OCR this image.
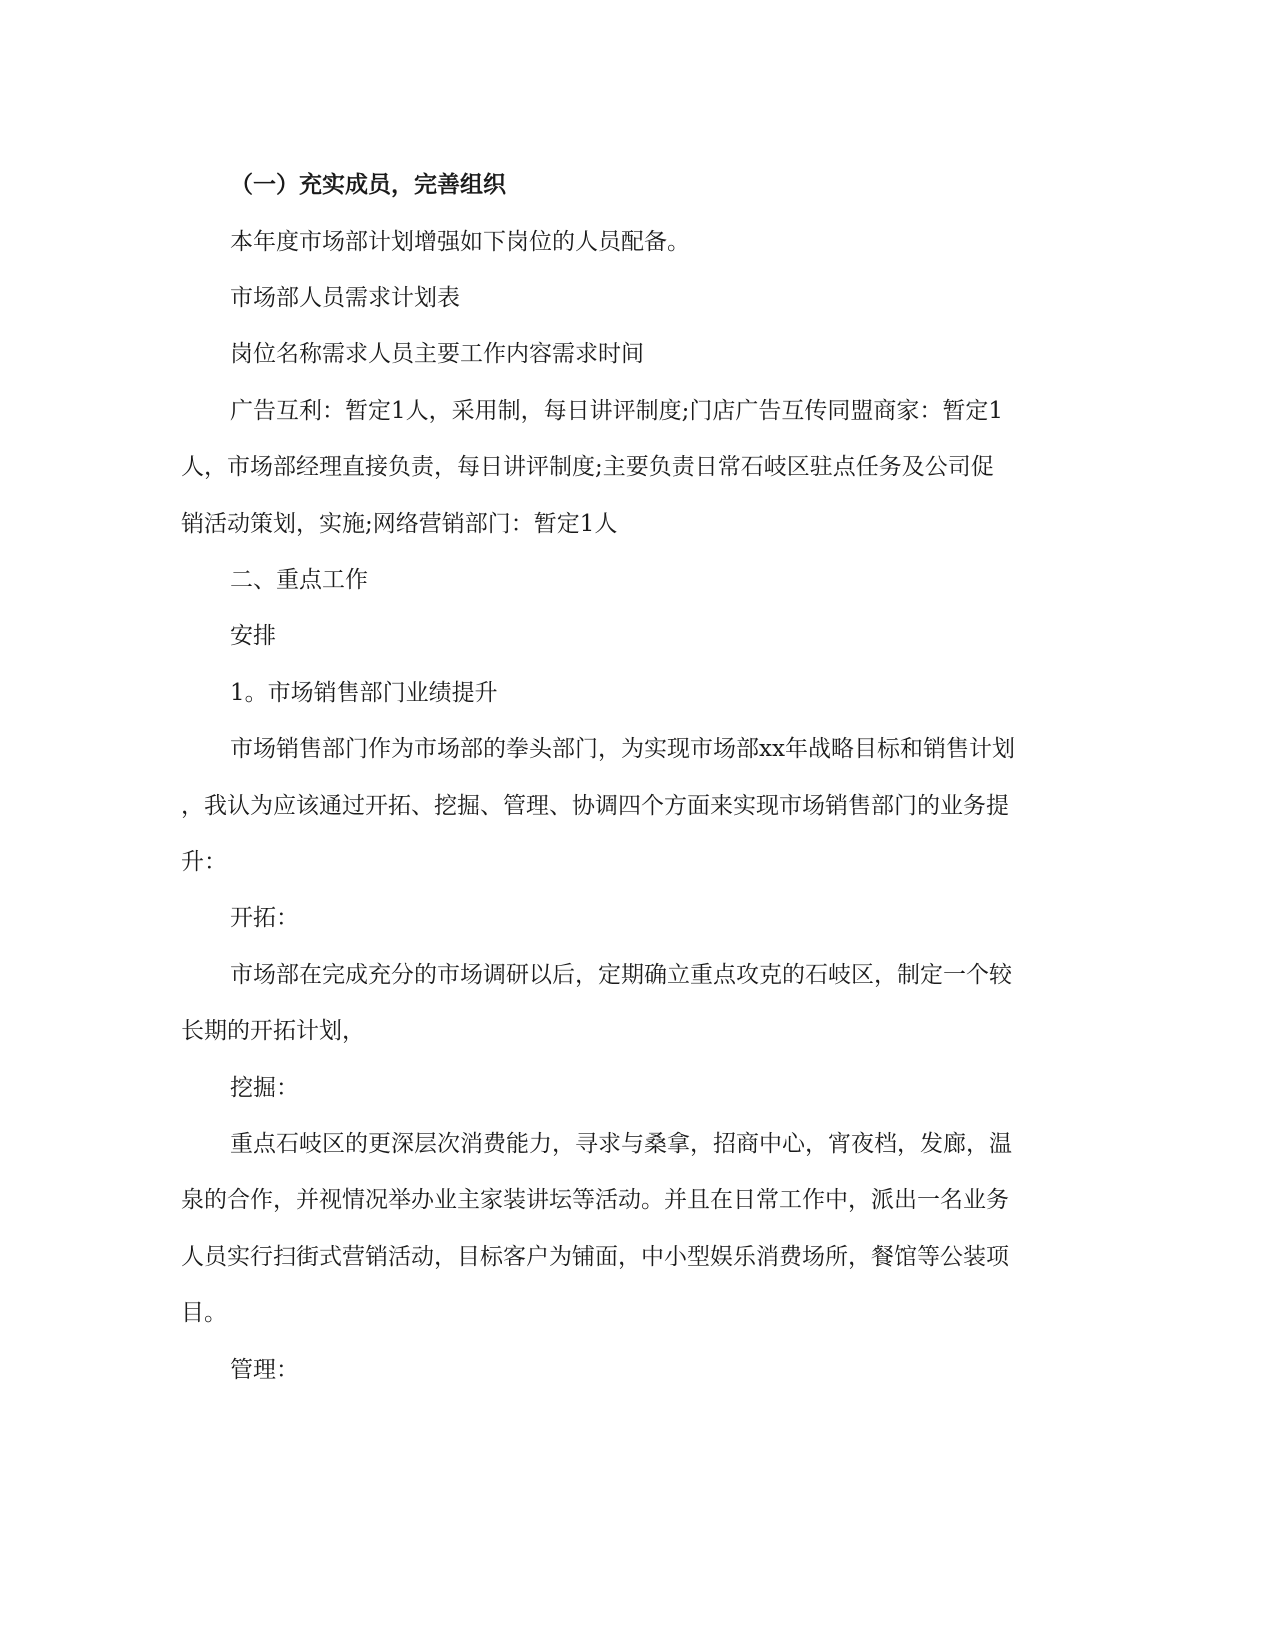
（一）充实成员，完善组织
本年度市场部计划增强如下岗位的人员配备。
市场部人员需求计划表
岗位名称需求人员主要工作内容需求时间
广告互利：暂定1人，采用制，每日讲评制度;门店广告互传同盟商家：暂定1
人，市场部经理直接负责，每日讲评制度;主要负责日常石岐区驻点任务及公司促
销活动策划，实施;网络营销部门：暂定1人
二、重点工作
安排
1。市场销售部门业绩提升
市场销售部门作为市场部的拳头部门，为实现市场部xx年战略目标和销售计划
，我认为应该通过开拓、挖掘、管理、协调四个方面来实现市场销售部门的业务提
升：
开拓：
市场部在完成充分的市场调研以后，定期确立重点攻克的石岐区，制定一个较
长期的开拓计划，
挖掘：
重点石岐区的更深层次消费能力，寻求与桑拿，招商中心，宵夜档，发廊，温
泉的合作，并视情况举办业主家装讲坛等活动。并且在日常工作中，派出一名业务
人员实行扫街式营销活动，目标客户为铺面，中小型娱乐消费场所，餐馆等公装项
目。
管理：
